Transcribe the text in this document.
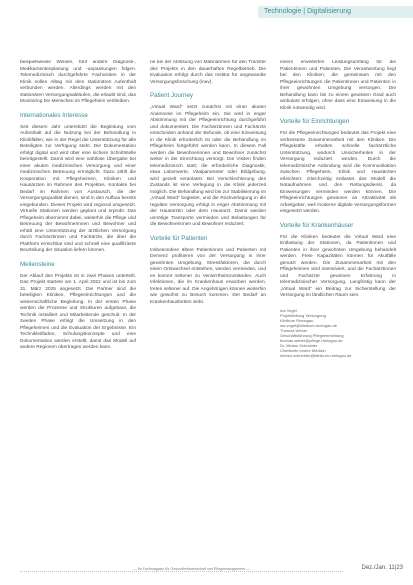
Technologie | Digitalisierung

beispielsweise Wissen, fünf andere Diagnosti-, Medikamentenplanung und -anpassungen folgen. Telemedizinisch durchgeführte Fachvisiten in der Klinik sollen Alltag mit dem stationären Aufenthalt verbunden werden. Allerdings werden mit den stationären Versorgungsabläufen, die erlaubt sind, das Monitoring bei Menschen im Pflegeheim verbleiben.

Internationales Interesse

Seit diesem Jahr unterstützt die Begleitung vom Aufenthalt auf die Nutzung bei der Behandlung in Klinikfällen, wie in der Regel die Unterstützung für alle Beteiligten zur Verfügung steht. Die Dokumentation erfolgt digital und wird über eine sichere Schnittstelle bereitgestellt. Damit wird eine nahtlose Übergabe bei einer akuten medizinischen Versorgung und einer medizinischen Betreuung ermöglicht. Dazu zählt die Kooperation mit Pflegeheimen, Kliniken und Hausärzten im Rahmen des Projektes. Kontakte bei Bedarf im Rahmen von Austausch, die der Versorgungsqualität dienen, sind in den Aufbau bereits eingebunden. Dieses Projekt wird regional umgesetzt. Virtuelle Stationen werden geplant und erprobt. Das Pflegeheim übernimmt dabei, weiterhin die Pflege und Betreuung der Bewohnerinnen und Bewohner und erhält eine Unterstützung der ärztlichen Versorgung durch Fachärztinnen und Fachärzte, die über die Plattform erreichbar sind und schnell eine qualifizierte Beurteilung der Situation liefern können.

Meilensteine

Der Ablauf des Projekts ist in zwei Phasen unterteilt. Das Projekt startete am 1. April 2022 und ist bis zum 31. März 2025 angesetzt. Die Partner sind die beteiligten Kliniken, Pflegeeinrichtungen und die wissenschaftliche Begleitung. In der ersten Phase werden die Prozesse und Strukturen aufgebaut, die Technik installiert und Mitarbeitende geschult. In der zweiten Phase erfolgt die Umsetzung in den Pflegeheimen und die Evaluation der Ergebnisse. Ein Technikleitfaden, Schulungskonzepte und eine Dokumentation werden erstellt, damit das Modell auf andere Regionen übertragen werden kann.

ne bei der Ablösung von Maßnahmen für den Transfer des Projekts in den dauerhaften Regelbetrieb. Die Evaluation erfolgt durch das Institut für angewandte Versorgungsforschung (inav).

Patient Journey

„Virtual Ward“ setzt zunächst mit einer akuten Anamnese im Pflegeheim ein. Sie wird in enger Abstimmung mit der Pflegeeinrichtung durchgeführt und dokumentiert. Die Fachärztinnen und Fachärzte entscheiden anhand der Befunde, ob eine Einweisung in die Klinik erforderlich ist oder die Behandlung im Pflegeheim fortgeführt werden kann. In diesem Fall werden die Bewohnerinnen und Bewohner zunächst weiter in der Einrichtung versorgt. Die Visiten finden telemedizinisch statt; die erforderliche Diagnostik, etwa Laborwerte, Vitalparameter oder Bildgebung, wird gezielt veranlasst. Bei Verschlechterung des Zustands ist eine Verlegung in die Klinik jederzeit möglich. Die Behandlung wird bis zur Stabilisierung im „Virtual Ward“ begleitet, und die Rückverlegung in die reguläre Versorgung erfolgt in enger Abstimmung mit der Hausärztin oder dem Hausarzt. Damit werden unnötige Transporte vermieden und Belastungen für die Bewohnerinnen und Bewohner reduziert.

Vorteile für Patienten

Insbesondere ältere Patientinnen und Patienten mit Demenz profitieren von der Versorgung in ihrer gewohnten Umgebung. Stressfaktoren, die durch einen Ortswechsel entstehen, werden vermieden, und es kommt seltener zu Verwirrtheitszuständen. Auch Infektionen, die im Krankenhaus erworben werden, treten seltener auf. Die Angehörigen können weiterhin wie gewohnt zu Besuch kommen. Der Bedarf an Krankenhausbetten sinkt.

einem erweiterten Leistungsumfang für die Patientinnen und Patienten. Die Verantwortung liegt bei den Kliniken, die gemeinsam mit den Pflegeeinrichtungen die Patientinnen und Patienten in ihrer gewohnten Umgebung versorgen. Die Behandlung kann bis zu einem gewissen Grad auch ambulant erfolgen, ohne dass eine Einweisung in die Klinik notwendig wird.

Vorteile für Einrichtungen

Für die Pflegeeinrichtungen bedeutet das Projekt eine verbesserte Zusammenarbeit mit den Kliniken. Die Pflegekräfte erhalten schnelle fachärztliche Unterstützung, wodurch Unsicherheiten in der Versorgung reduziert werden. Durch die telemedizinische Anbindung wird die Kommunikation zwischen Pflegeheim, Klinik und Hausärzten erleichtert. Gleichzeitig entlastet das Modell die Notaufnahmen und den Rettungsdienst, da Einweisungen vermieden werden können. Die Pflegeeinrichtungen gewinnen an Attraktivität als Arbeitgeber, weil moderne digitale Versorgungsformen eingesetzt werden.

Vorteile für Krankenhäuser

Für die Kliniken bedeutet die Virtual Ward eine Entlastung der Stationen, da Patientinnen und Patienten in ihrer gewohnten Umgebung behandelt werden. Freie Kapazitäten können für Akutfälle genutzt werden. Die Zusammenarbeit mit den Pflegeheimen wird intensiviert, und die Fachärztinnen und Fachärzte gewinnen Erfahrung in telemedizinischer Versorgung. Langfristig kann der „Virtual Ward“ ein Beitrag zur Sicherstellung der Versorgung im ländlichen Raum sein.

Ina Vogel
Projektleitung Versorgung
Klinikum Rheingau
ina.vogel@klinikum-rheingau.de
Thomas Weber
Geschäftsführung Pflegeeinrichtung
thomas.weber@pflege-rheingau.de
Dr. Miriam Schneider
Chefärztin Innere Medizin
miriam.schneider@klinikum-rheingau.de
— Ihr Fachmagazin für Gesundheitswirtschaft und Pflegemanagement —	Dez./Jan. 11|23
